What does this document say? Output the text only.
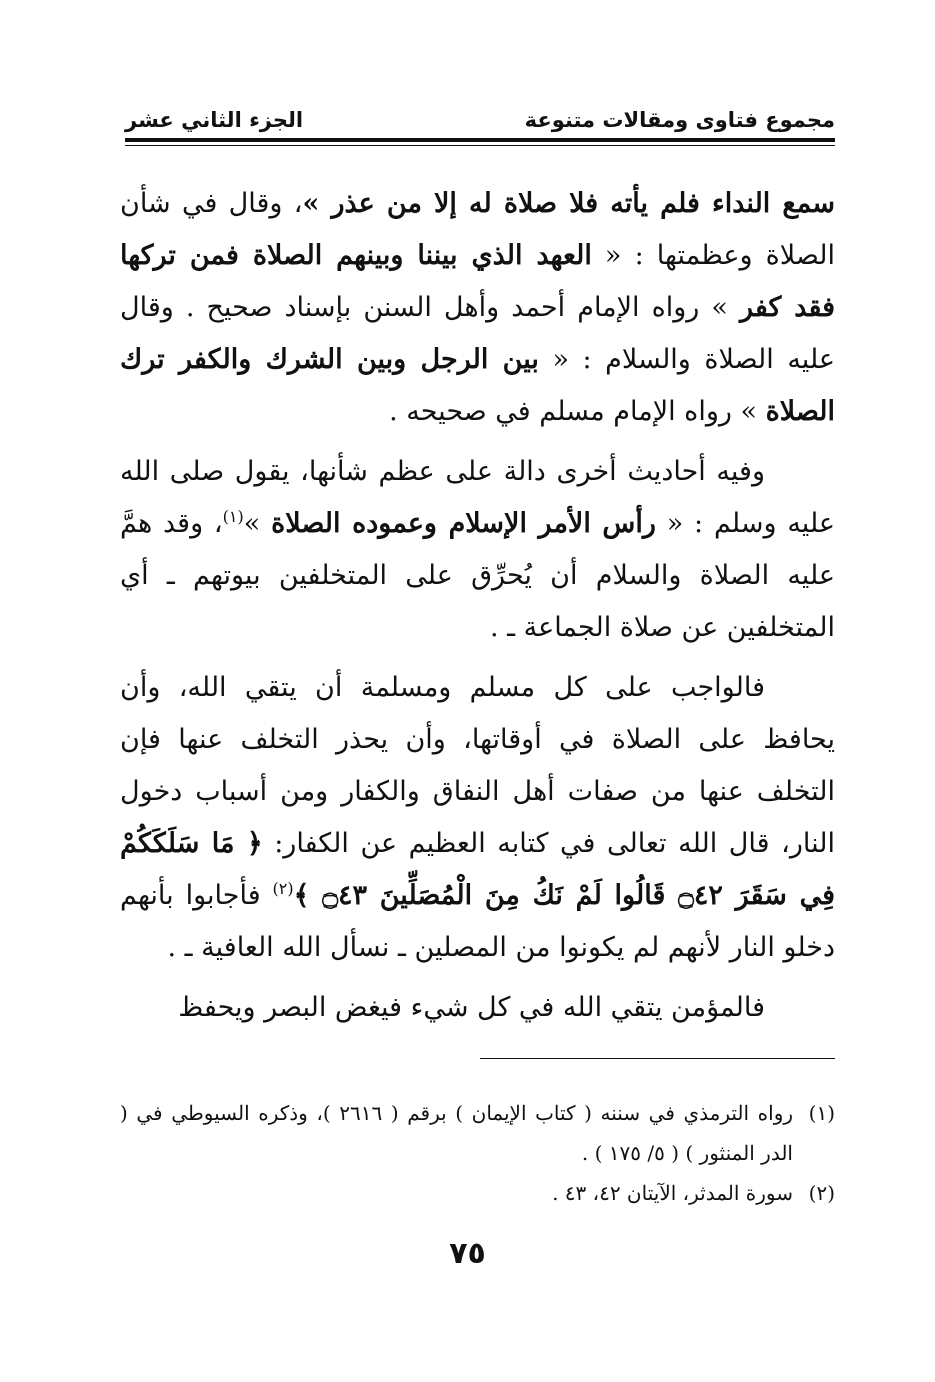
مجموع فتاوى ومقالات متنوعة
الجزء الثاني عشر

سمع النداء فلم يأته فلا صلاة له إلا من عذر »، وقال في شأن الصلاة وعظمتها : « العهد الذي بيننا وبينهم الصلاة فمن تركها فقد كفر » رواه الإمام أحمد وأهل السنن بإسناد صحيح . وقال عليه الصلاة والسلام : « بين الرجل وبين الشرك والكفر ترك الصلاة » رواه الإمام مسلم في صحيحه .

وفيه أحاديث أخرى دالة على عظم شأنها، يقول صلى الله عليه وسلم : « رأس الأمر الإسلام وعموده الصلاة »$^{(١)}$، وقد همَّ عليه الصلاة والسلام أن يُحرِّق على المتخلفين بيوتهم ـ أي المتخلفين عن صلاة الجماعة ـ .

فالواجب على كل مسلم ومسلمة أن يتقي الله، وأن يحافظ على الصلاة في أوقاتها، وأن يحذر التخلف عنها فإن التخلف عنها من صفات أهل النفاق والكفار ومن أسباب دخول النار، قال الله تعالى في كتابه العظيم عن الكفار: ﴿ مَا سَلَكَكُمْ فِي سَقَرَ ۝٤٢ قَالُوا لَمْ نَكُ مِنَ الْمُصَلِّينَ ۝٤٣ ﴾$^{(٢)}$ فأجابوا بأنهم دخلو النار لأنهم لم يكونوا من المصلين ـ نسأل الله العافية ـ .

فالمؤمن يتقي الله في كل شيء فيغض البصر ويحفظ

(١)
رواه الترمذي في سننه ( كتاب الإيمان ) برقم ( ٢٦١٦ )، وذكره السيوطي في ( الدر المنثور ) ( ٥/ ١٧٥ ) .
(٢)
سورة المدثر، الآيتان ٤٢، ٤٣ .
٧٥
